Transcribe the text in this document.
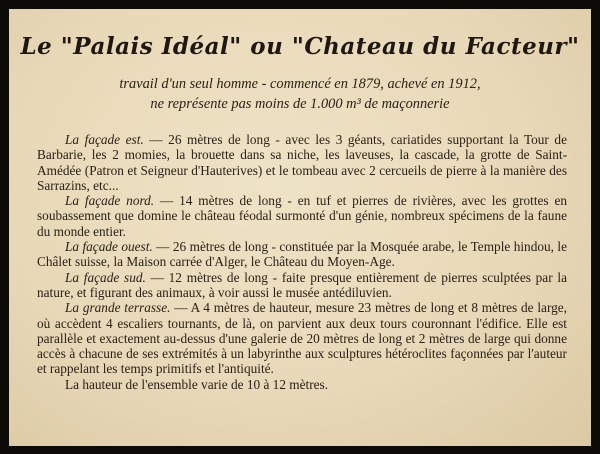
Le "Palais Idéal" ou "Chateau du Facteur"
travail d'un seul homme - commencé en 1879, achevé en 1912,
ne représente pas moins de 1.000 m³ de maçonnerie

La façade est. — 26 mètres de long - avec les 3 géants, cariatides supportant la Tour de Barbarie, les 2 momies, la brouette dans sa niche, les laveuses, la cascade, la grotte de Saint-Amédée (Patron et Seigneur d'Hauterives) et le tombeau avec 2 cercueils de pierre à la manière des Sarrazins, etc...

La façade nord. — 14 mètres de long - en tuf et pierres de rivières, avec les grottes en soubassement que domine le château féodal surmonté d'un génie, nombreux spécimens de la faune du monde entier.

La façade ouest. — 26 mètres de long - constituée par la Mosquée arabe, le Temple hindou, le Châlet suisse, la Maison carrée d'Alger, le Château du Moyen-Age.

La façade sud. — 12 mètres de long - faite presque entièrement de pierres sculptées par la nature, et figurant des animaux, à voir aussi le musée antédiluvien.

La grande terrasse. — A 4 mètres de hauteur, mesure 23 mètres de long et 8 mètres de large, où accèdent 4 escaliers tournants, de là, on parvient aux deux tours couronnant l'édifice. Elle est parallèle et exactement au-dessus d'une galerie de 20 mètres de long et 2 mètres de large qui donne accès à chacune de ses extrémités à un labyrinthe aux sculptures hétéroclites façonnées par l'auteur et rappelant les temps primitifs et l'antiquité.

La hauteur de l'ensemble varie de 10 à 12 mètres.
